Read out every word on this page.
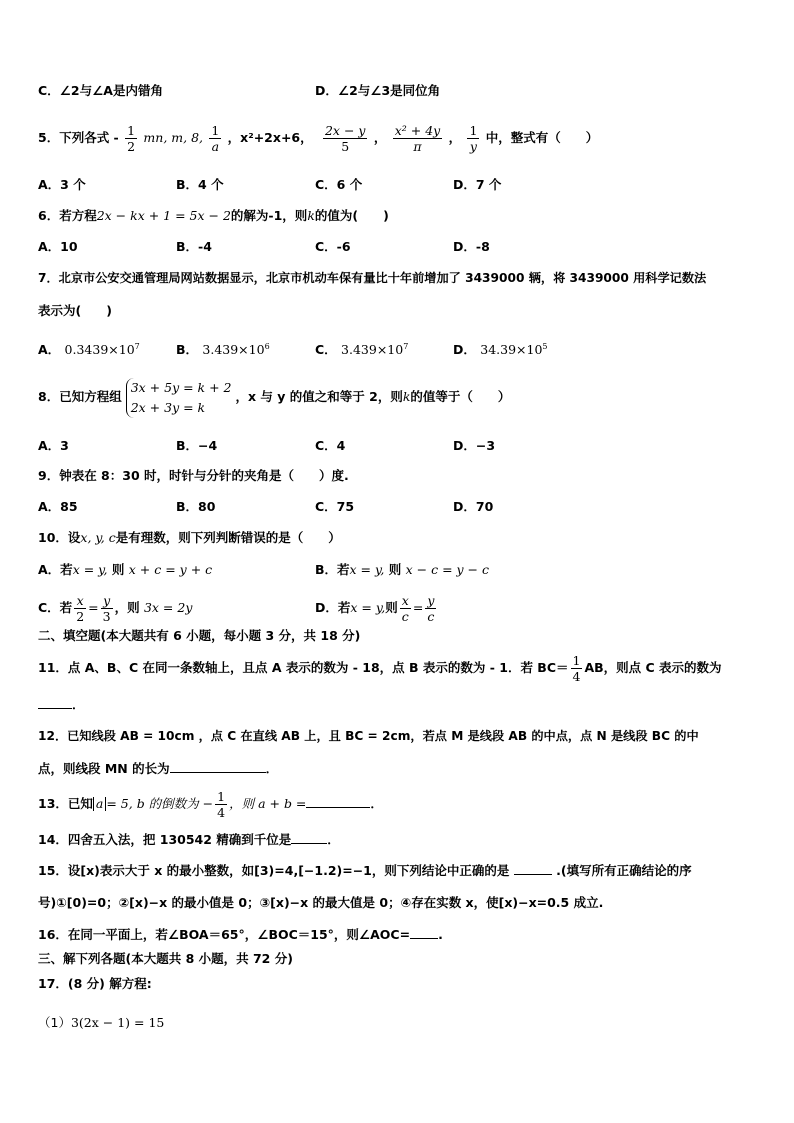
C．∠2与∠A是内错角	D．∠2与∠3是同位角
5．下列各式 - $\frac{1}{2}$ mn, m, 8, $\frac{1}{a}$ ，x²+2x+6， $\frac{2x - y}{5}$ ， $\frac{\text{x² + 4y}}{\pi}$ ， $\frac{1}{y}$ 中，整式有（　　）
A．3 个	B．4 个	C．6 个	D．7 个
6．若方程2x − kx + 1 = 5x − 2的解为-1，则k的值为(　　)
A．10	B．-4	C．-6	D．-8
7．北京市公安交通管理局网站数据显示，北京市机动车保有量比十年前增加了 3439000 辆，将 3439000 用科学记数法
表示为(　　)
A． $0.3439\times 10^7$	B． $3.439\times 10^6$	C． $3.439\times 10^7$	D． $34.39\times 10^5$
8．已知方程组
3x + 5y = k + 2
2x + 3y = k
，x 与 y 的值之和等于 2，则k的值等于（　　）
A．3	B．−4	C．4	D．−3
9．钟表在 8：30 时，时针与分针的夹角是（　　）度.
A．85	B．80	C．75	D．70
10．设x, y, c是有理数，则下列判断错误的是（　　）
A．若x = y, 则 x + c = y + c	B．若x = y, 则 x − c = y − c
C．若 $\frac{x}{2} = \frac{y}{3}$ ，则 3x = 2y	D．若x = y,则 $\frac{x}{c} = \frac{y}{c}$
二、填空题(本大题共有 6 小题，每小题 3 分，共 18 分)
11．点 A、B、C 在同一条数轴上，且点 A 表示的数为 - 18，点 B 表示的数为 - 1．若 $BC= \frac{1}{4}$ AB，则点 C 表示的数为
．
12．已知线段 AB = 10cm ，点 C 在直线 AB 上，且 BC = 2cm，若点 M 是线段 AB 的中点，点 N 是线段 BC 的中
点，则线段 MN 的长为	．
13．已知 a = 5, b 的倒数为 − $\frac{1}{4}$ ，则 a + b =	．
14．四舍五入法，把 130542 精确到千位是	．
15．设[x)表示大于 x 的最小整数，如[3)=4,[−1.2)=−1，则下列结论中正确的是	.(填写所有正确结论的序
号)①[0)=0；②[x)−x 的最小值是 0；③[x)−x 的最大值是 0；④存在实数 x，使[x)−x=0.5 成立.
16．在同一平面上，若∠BOA＝65°，∠BOC＝15°，则∠AOC= .
三、解下列各题(本大题共 8 小题，共 72 分)
17．(8 分) 解方程:
（1）3(2x − 1) = 15
